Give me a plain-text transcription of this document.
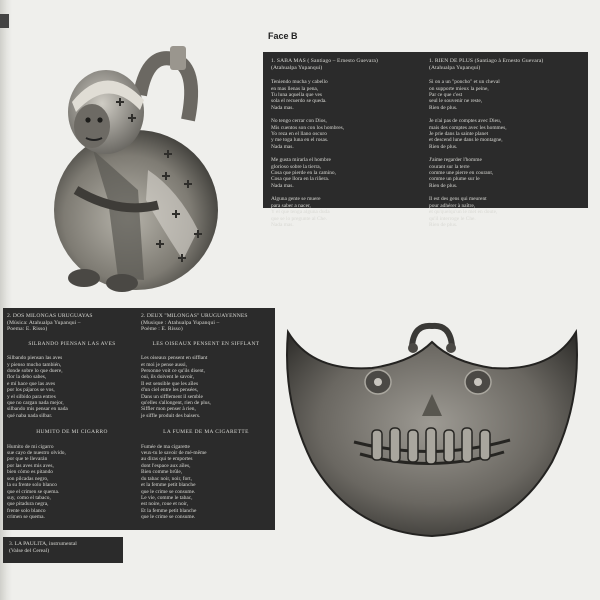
Face B
1. SABA MAS ( Santiago – Ernesto Guevara)
(Atahualpa Yupanqui)
Teniendo mucha y cabello
en mas llenas la pena,
Tu luna aquella que ves
sola el recuerdo se queda.
Nada mas.
No tengo cerrar con Dios,
Mis cuentos son con los hombres,
Yo reza en el llano oscuro
y me toga luna en el rosas.
Nada mas.
Me gusta mirarla el hombre
glorioso sobre la tierra,
Cosa que pierde en la camino,
Cosa que llora en la riñera.
Nada mas.
Alguna gente se muere
para saber a nacer,
Y el que tenga alguna duda
que se lo pregunte al Che.
Nada mas.
1. RIEN DE PLUS (Santiago à Ernesto Guevara)
(Atahualpa Yupanqui)
Si on a un "poncho" et un cheval
on supporte mieux la peine,
Par ce que c'est
seul le souvenir ne reste,
Rien de plus.
Je n'ai pas de comptes avec Dieu,
mais des comptes avec les hommes,
Je prie dans la sainte planet
et descend lune dans le montagne,
Rien de plus.
J'aime regarder l'homme
courant sur la terre
comme une pierre en courant,
comme un plume sur le
Rien de plus.
Il est des gens qui meurent
pour adhérer à naître,
et qu'quelqu'un le met en doute,
qu'il interroge le Che.
Rien de plus.
2. DOS MILONGAS URUGUAYAS
(Música: Atahualpa Yupanqui –
Poema: E. Risso)
SILBANDO PIENSAN LAS AVES
Silbando piensan las aves
y pienso mucho también,
donde sobre lo que duere,
flor la debo sabes,
e mí hace que las aves
por los pájaros se vos,
y el silbido para entres
que no cargan nada mejor,
silbando mis pensar en nada
qué naba nada silbar.
HUMITO DE MI CIGARRO
Humito de mi cigarro
sue cayo de nuestro olvido,
por que te llevarán
por las aves mis aves,
bien cómo es pitando
son pilcadas negro,
la su frente solo blanco
que el crimen se quema.
suy, como el tabaco,
que pitadura negra,
frente solo blanco
crimen se quema.
2. DEUX "MILONGAS" URUGUAYENNES
(Musique : Atahualpa Yupanqui –
Poème : E. Risso)
LES OISEAUX PENSENT EN SIFFLANT
Les oiseaux pensent en sifflant
et moi je pense aussi,
Personne voit ce qu'ils disent,
oui, ils doivent le savoir,
Il est sensible que les aîles
d'un ciel entre les pensées,
Dans un sifflement il semble
qu'elles s'allongent, rien de plus,
Siffler mon penser à rien,
je siffle produit des baisers.
LA FUMEE DE MA CIGARETTE
Fumée de ma cigarette
veux-tu le savoir de mé-même
au diras qui te emportes
dont l'espace aux aîles,
Bien comme brûle,
du tabac noir, noir, fort,
et la femme petit blanche
que le crime se consume.
Le vie, comme le tabac,
est noire, roue et noir,
Et la femme petit blanche
que le crime se consume.
3. LA PAULITA, instrumental
(Valse del Cereal)
